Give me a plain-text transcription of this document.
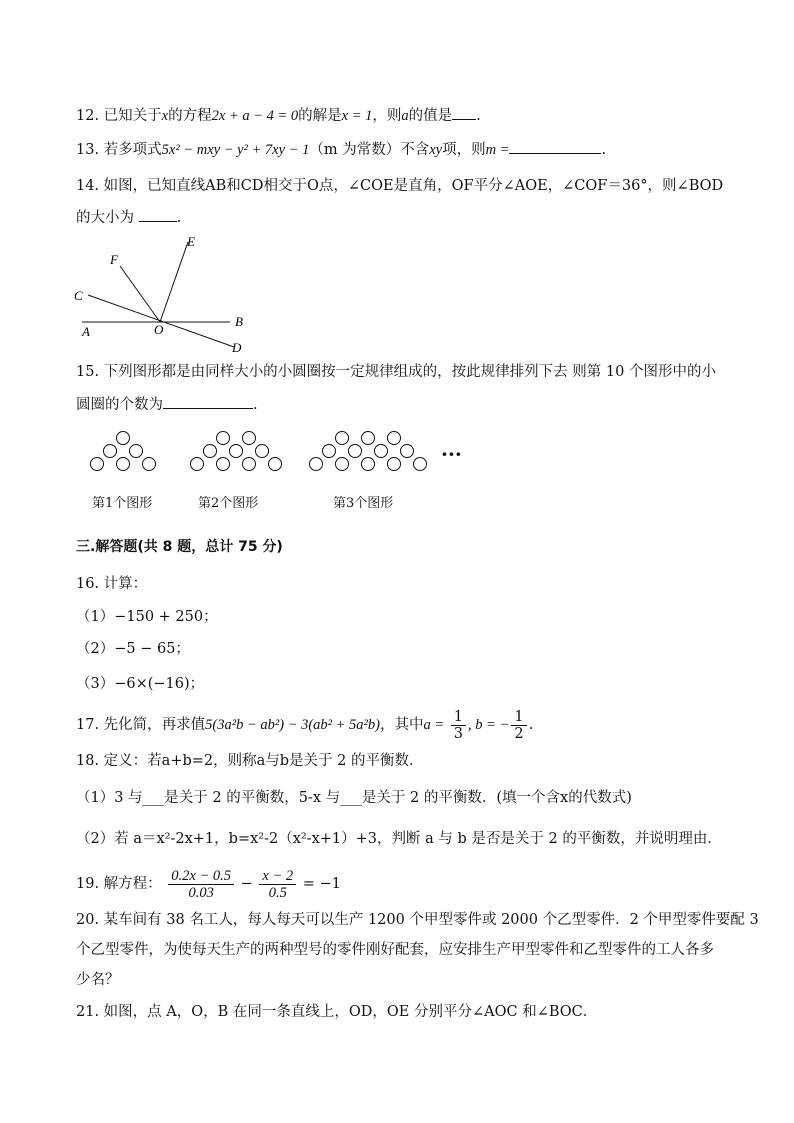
12. 已知关于x的方程2x + a − 4 = 0的解是x = 1，则a的值是 .
13. 若多项式5x² − mxy − y² + 7xy − 1（m 为常数）不含xy项，则m =	.
14. 如图，已知直线AB和CD相交于O点，∠COE是直角，OF平分∠AOE，∠COF＝36°，则∠BOD
的大小为	.
E
F
C
A	O
B
D
15. 下列图形都是由同样大小的小圆圈按一定规律组成的，按此规律排列下去 则第 10 个图形中的小
圆圈的个数为	.
第1个图形	第2个图形	第3个图形
···
三.解答题(共 8 题，总计 75 分)
16. 计算：
（1）−150 + 250；
（2）−5 − 65；
（3）−6×(−16)；
17. 先化简，再求值5(3a²b − ab²) − 3(ab² + 5a²b)，其中$a = \frac{1}{3}$ , b = − $\frac{1}{2}$ .
18. 定义：若a+b=2，则称a与b是关于 2 的平衡数．
（1）3 与___是关于 2 的平衡数，5-x 与___是关于 2 的平衡数．(填一个含x的代数式)
（2）若 a＝x²-2x+1，b=x²-2（x²-x+1）+3，判断 a 与 b 是否是关于 2 的平衡数，并说明理由．
19. 解方程： $\frac{0.2x - 0.5}{0.03} - \frac{x - 2}{0.5} = -1$
20. 某车间有 38 名工人，每人每天可以生产 1200 个甲型零件或 2000 个乙型零件．2 个甲型零件要配 3
个乙型零件，为使每天生产的两种型号的零件刚好配套，应安排生产甲型零件和乙型零件的工人各多
少名？
21. 如图，点 A，O，B 在同一条直线上，OD，OE 分别平分∠AOC 和∠BOC．
